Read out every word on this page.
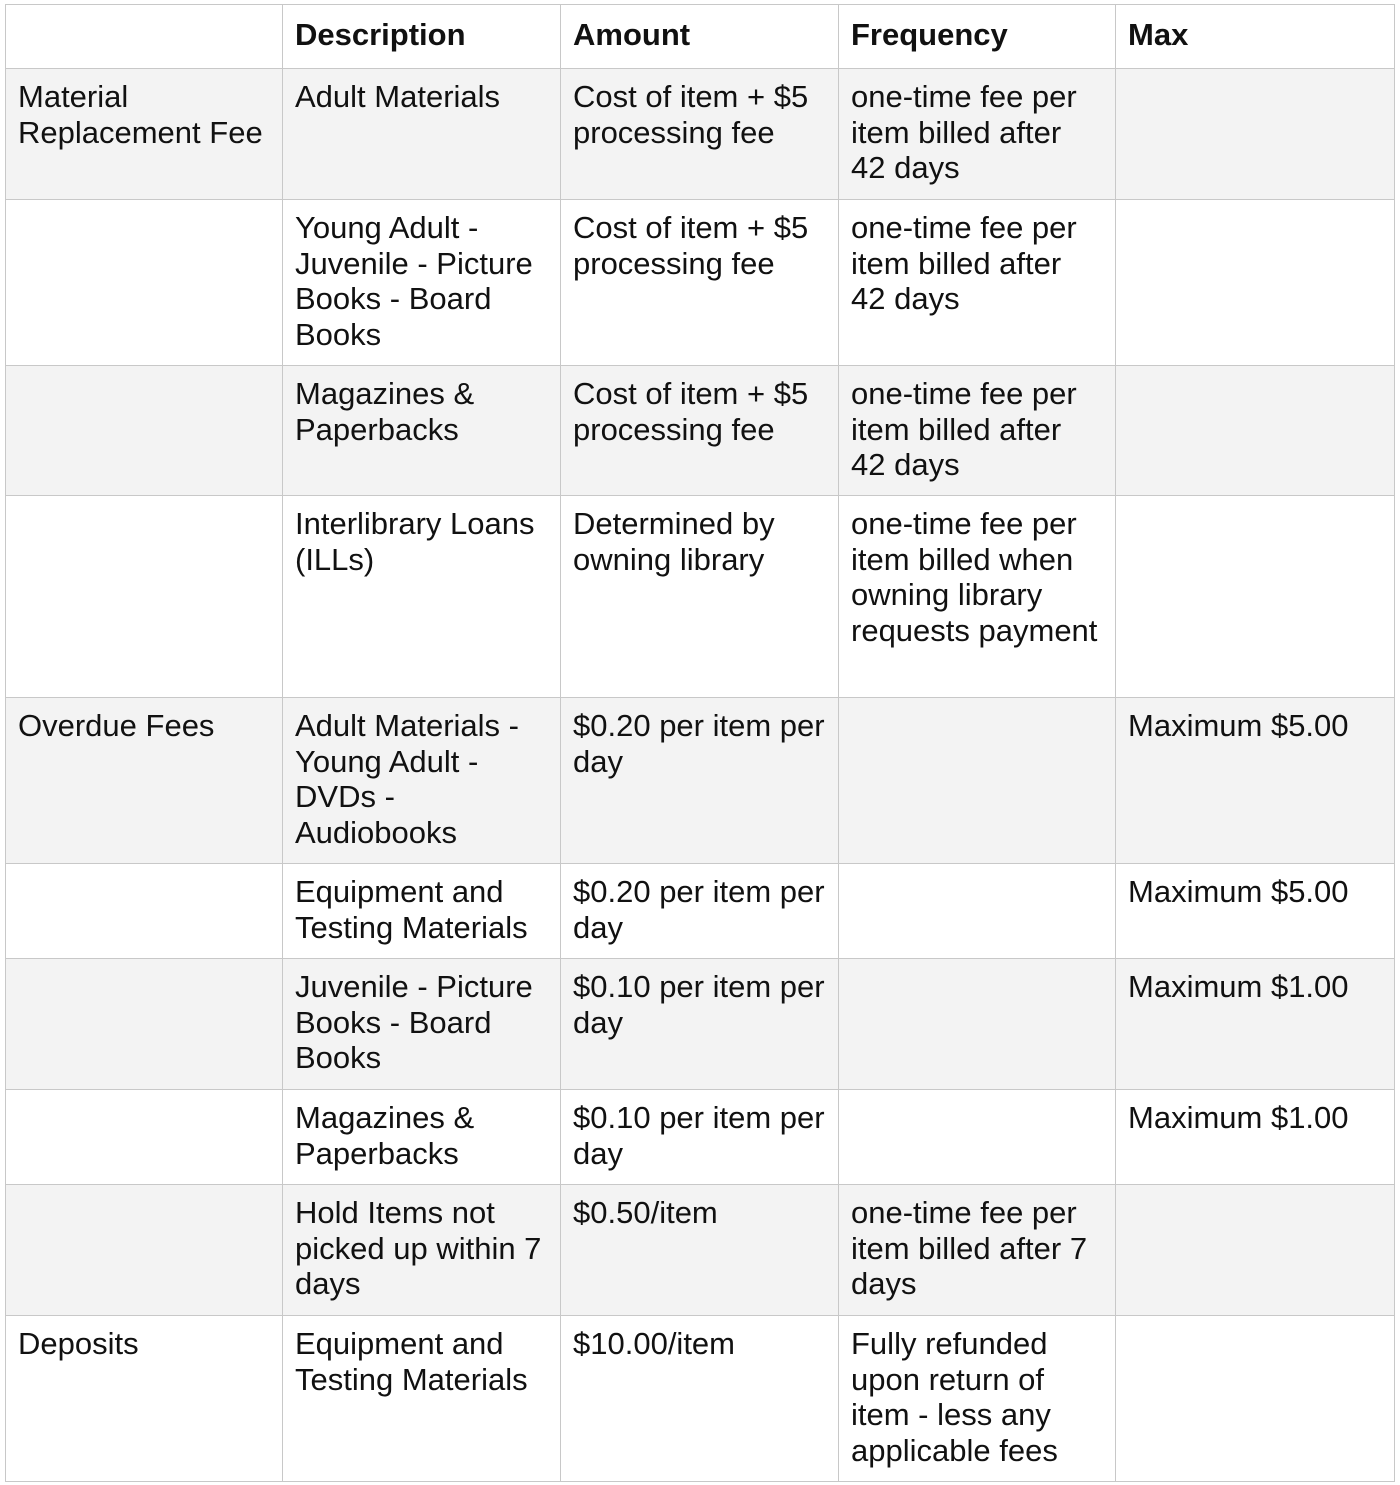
	Description	Amount	Frequency	Max
Material Replacement Fee	Adult Materials	Cost of item + $5 processing fee	one-time fee per item billed after 42 days	
	Young Adult - Juvenile - Picture Books - Board Books	Cost of item + $5 processing fee	one-time fee per item billed after 42 days	
	Magazines & Paperbacks	Cost of item + $5 processing fee	one-time fee per item billed after 42 days	
	Interlibrary Loans (ILLs)	Determined by owning library	one-time fee per item billed when owning library requests payment	
Overdue Fees	Adult Materials - Young Adult - DVDs - Audiobooks	$0.20 per item per day		Maximum $5.00
	Equipment and Testing Materials	$0.20 per item per day		Maximum $5.00
	Juvenile - Picture Books - Board Books	$0.10 per item per day		Maximum $1.00
	Magazines & Paperbacks	$0.10 per item per day		Maximum $1.00
	Hold Items not picked up within 7 days	$0.50/item	one-time fee per item billed after 7 days	
Deposits	Equipment and Testing Materials	$10.00/item	Fully refunded upon return of item - less any applicable fees	
